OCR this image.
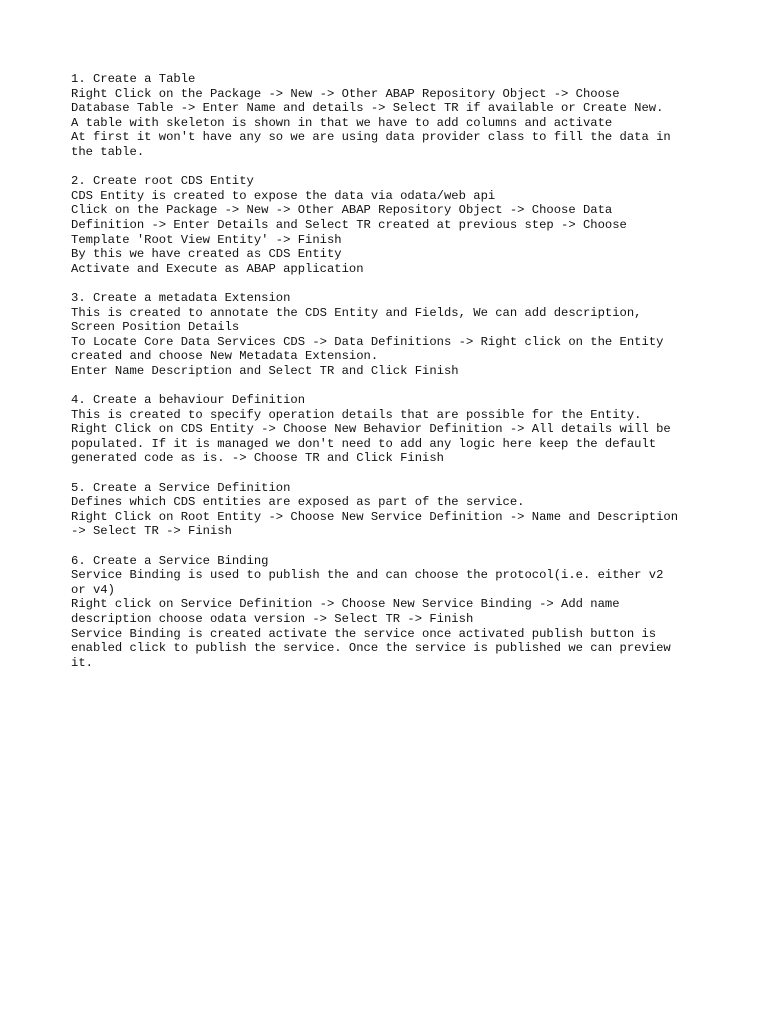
1. Create a Table
Right Click on the Package -> New -> Other ABAP Repository Object -> Choose
Database Table -> Enter Name and details -> Select TR if available or Create New.
A table with skeleton is shown in that we have to add columns and activate
At first it won't have any so we are using data provider class to fill the data in
the table.
2. Create root CDS Entity
CDS Entity is created to expose the data via odata/web api
Click on the Package -> New -> Other ABAP Repository Object -> Choose Data
Definition -> Enter Details and Select TR created at previous step -> Choose
Template 'Root View Entity' -> Finish
By this we have created as CDS Entity
Activate and Execute as ABAP application
3. Create a metadata Extension
This is created to annotate the CDS Entity and Fields, We can add description,
Screen Position Details
To Locate Core Data Services CDS -> Data Definitions -> Right click on the Entity
created and choose New Metadata Extension.
Enter Name Description and Select TR and Click Finish
4. Create a behaviour Definition
This is created to specify operation details that are possible for the Entity.
Right Click on CDS Entity -> Choose New Behavior Definition -> All details will be
populated. If it is managed we don't need to add any logic here keep the default
generated code as is. -> Choose TR and Click Finish
5. Create a Service Definition
Defines which CDS entities are exposed as part of the service.
Right Click on Root Entity -> Choose New Service Definition -> Name and Description
-> Select TR -> Finish
6. Create a Service Binding
Service Binding is used to publish the and can choose the protocol(i.e. either v2
or v4)
Right click on Service Definition -> Choose New Service Binding -> Add name
description choose odata version -> Select TR -> Finish
Service Binding is created activate the service once activated publish button is
enabled click to publish the service. Once the service is published we can preview
it.
